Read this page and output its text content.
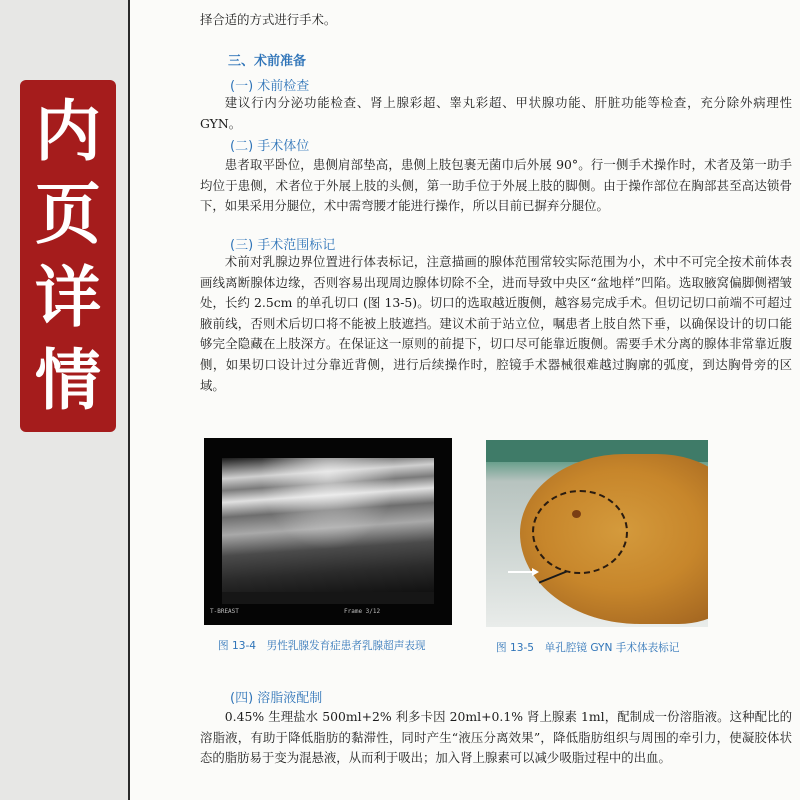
择合适的方式进行手术。

三、术前准备
(一) 术前检查

建议行内分泌功能检查、肾上腺彩超、睾丸彩超、甲状腺功能、肝脏功能等检查，充分除外病理性 GYN。

(二) 手术体位

患者取平卧位，患侧肩部垫高，患侧上肢包裹无菌巾后外展 90°。行一侧手术操作时，术者及第一助手均位于患侧，术者位于外展上肢的头侧，第一助手位于外展上肢的脚侧。由于操作部位在胸部甚至高达锁骨下，如果采用分腿位，术中需弯腰才能进行操作，所以目前已摒弃分腿位。

(三) 手术范围标记

术前对乳腺边界位置进行体表标记，注意描画的腺体范围常较实际范围为小，术中不可完全按术前体表画线离断腺体边缘，否则容易出现周边腺体切除不全，进而导致中央区“盆地样”凹陷。选取腋窝偏脚侧褶皱处，长约 2.5cm 的单孔切口 (图 13-5)。切口的选取越近腹侧，越容易完成手术。但切记切口前端不可超过腋前线，否则术后切口将不能被上肢遮挡。建议术前于站立位，嘱患者上肢自然下垂，以确保设计的切口能够完全隐藏在上肢深方。在保证这一原则的前提下，切口尽可能靠近腹侧。需要手术分离的腺体非常靠近腹侧，如果切口设计过分靠近背侧，进行后续操作时，腔镜手术器械很难越过胸廓的弧度，到达胸骨旁的区域。

T-BREAST	Frame 3/12
图 13-4　男性乳腺发育症患者乳腺超声表现	图 13-5　单孔腔镜 GYN 手术体表标记
(四) 溶脂液配制

0.45% 生理盐水 500ml+2% 利多卡因 20ml+0.1% 肾上腺素 1ml，配制成一份溶脂液。这种配比的溶脂液，有助于降低脂肪的黏滞性，同时产生“液压分离效果”，降低脂肪组织与周围的牵引力，使凝胶体状态的脂肪易于变为混悬液，从而利于吸出；加入肾上腺素可以减少吸脂过程中的出血。

内
页
详
情
